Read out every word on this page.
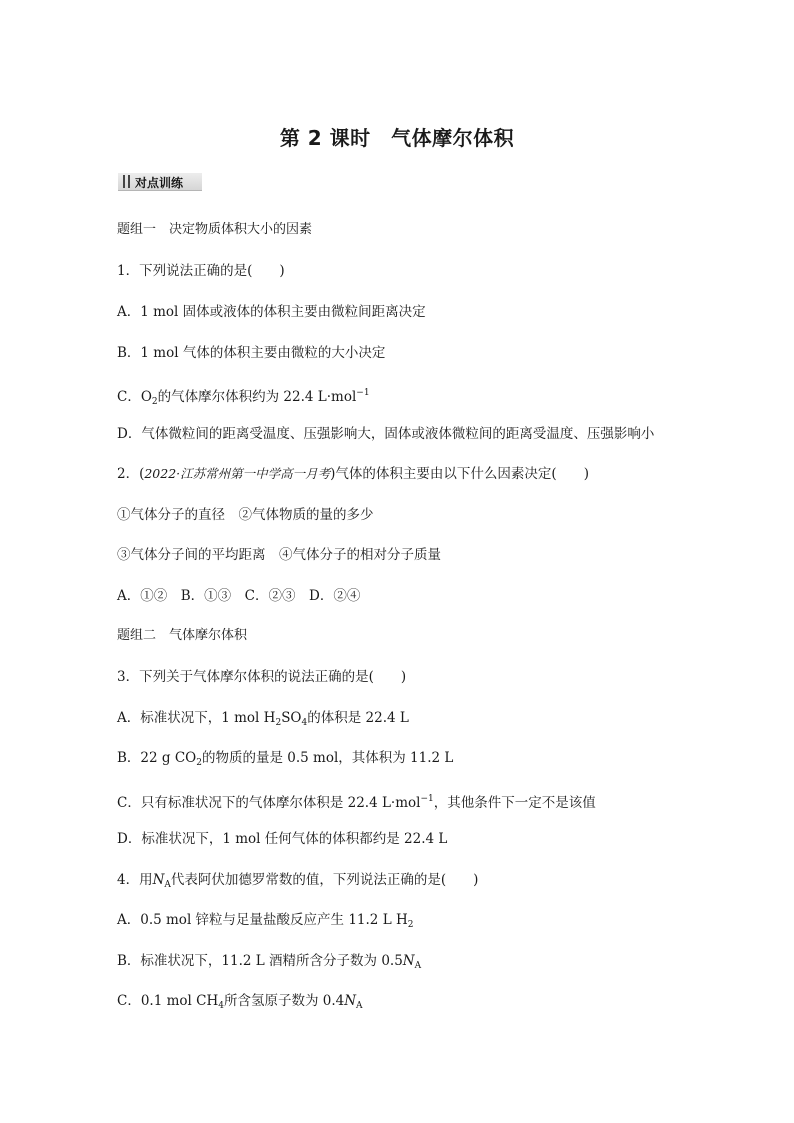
第 2 课时　气体摩尔体积
对点训练
题组一　决定物质体积大小的因素
1．下列说法正确的是(　　)
A．1 mol 固体或液体的体积主要由微粒间距离决定
B．1 mol 气体的体积主要由微粒的大小决定
C．$O_2$的气体摩尔体积约为 22.4 L·mol$^{-1}$
D．气体微粒间的距离受温度、压强影响大，固体或液体微粒间的距离受温度、压强影响小
2．(2022·江苏常州第一中学高一月考)气体的体积主要由以下什么因素决定(　　)
①气体分子的直径　②气体物质的量的多少
③气体分子间的平均距离　④气体分子的相对分子质量
A．①②　B．①③　C．②③　D．②④
题组二　气体摩尔体积
3．下列关于气体摩尔体积的说法正确的是(　　)
A．标准状况下，1 mol $H_2SO_4$的体积是 22.4 L
B．22 g $CO_2$的物质的量是 0.5 mol，其体积为 11.2 L
C．只有标准状况下的气体摩尔体积是 22.4 L·mol$^{-1}$，其他条件下一定不是该值
D．标准状况下，1 mol 任何气体的体积都约是 22.4 L
4．用$N_A$代表阿伏加德罗常数的值，下列说法正确的是(　　)
A．0.5 mol 锌粒与足量盐酸反应产生 11.2 L $H_2$
B．标准状况下，11.2 L 酒精所含分子数为 $0.5N_A$
C．0.1 mol $CH_4$所含氢原子数为 $0.4N_A$
